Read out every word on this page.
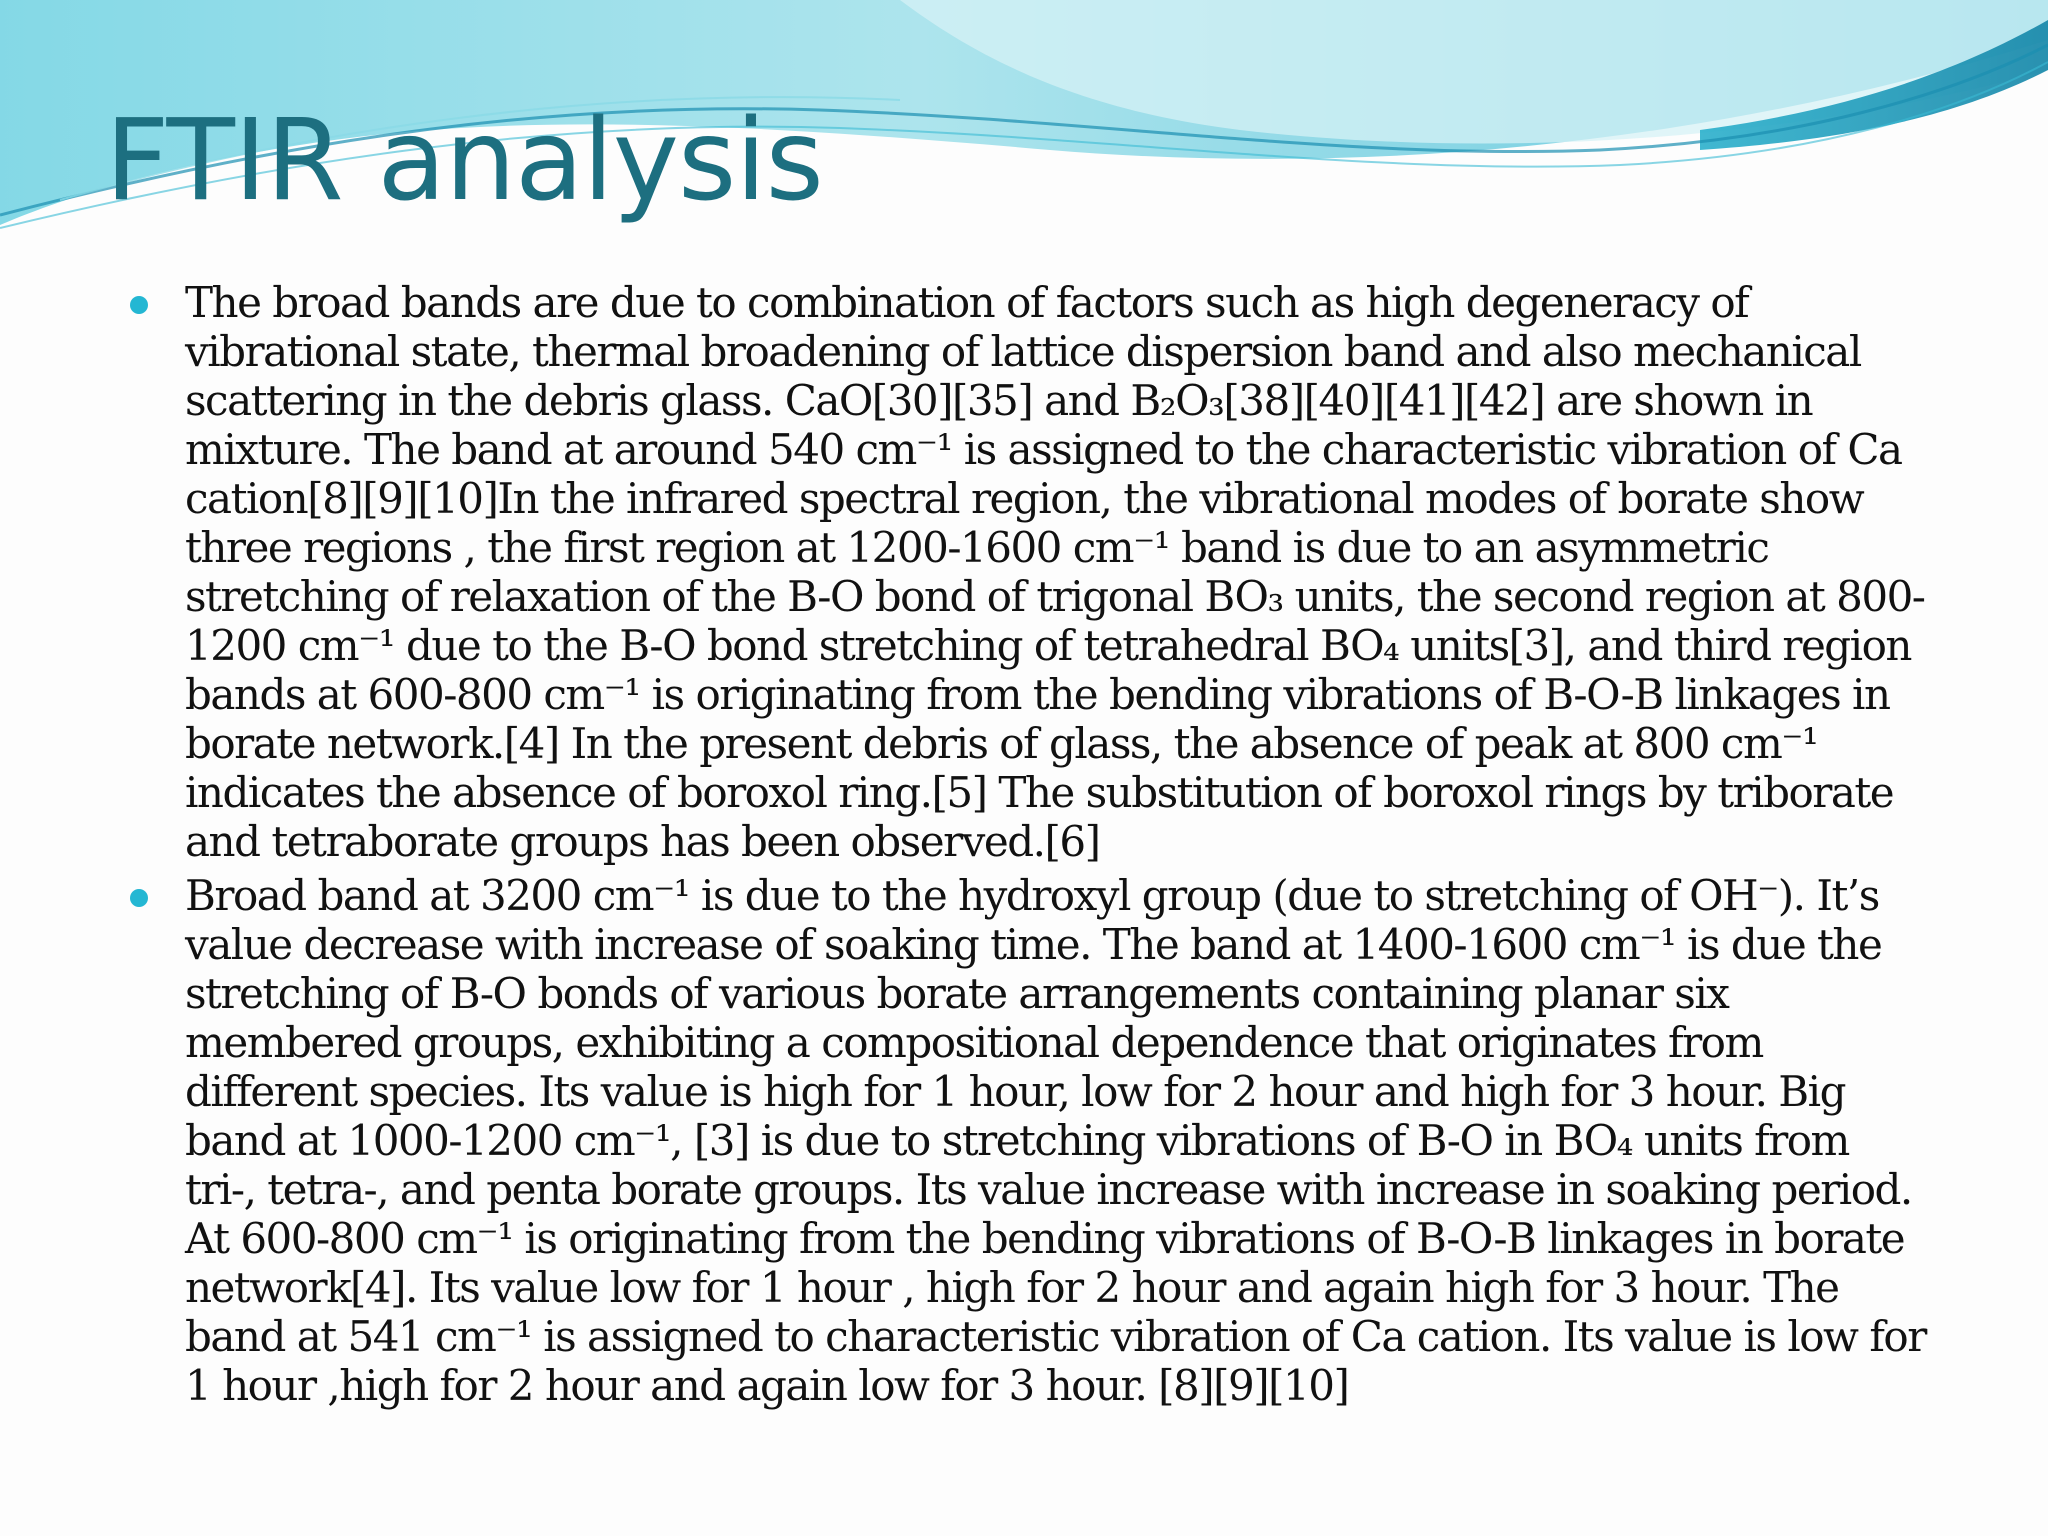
FTIR analysis

The broad bands are due to combination of factors such as high degeneracy of vibrational state, thermal broadening of lattice dispersion band and also mechanical scattering in the debris glass. CaO[30][35] and B₂O₃[38][40][41][42] are shown in mixture. The band at around 540 cm⁻¹ is assigned to the characteristic vibration of Ca cation[8][9][10]In the infrared spectral region, the vibrational modes of borate show three regions , the first region at 1200-1600 cm⁻¹ band is due to an asymmetric stretching of relaxation of the B-O bond of trigonal BO₃ units, the second region at 800-1200 cm⁻¹ due to the B-O bond stretching of tetrahedral BO₄ units[3], and third region bands at 600-800 cm⁻¹ is originating from the bending vibrations of B-O-B linkages in borate network.[4] In the present debris of glass, the absence of peak at 800 cm⁻¹ indicates the absence of boroxol ring.[5] The substitution of boroxol rings by triborate and tetraborate groups has been observed.[6]

Broad band at 3200 cm⁻¹ is due to the hydroxyl group (due to stretching of OH⁻). It’s value decrease with increase of soaking time. The band at 1400-1600 cm⁻¹ is due the stretching of B-O bonds of various borate arrangements containing planar six membered groups, exhibiting a compositional dependence that originates from different species. Its value is high for 1 hour, low for 2 hour and high for 3 hour. Big band at 1000-1200 cm⁻¹, [3] is due to stretching vibrations of B-O in BO₄ units from tri-, tetra-, and penta borate groups. Its value increase with increase in soaking period. At 600-800 cm⁻¹ is originating from the bending vibrations of B-O-B linkages in borate network[4]. Its value low for 1 hour , high for 2 hour and again high for 3 hour. The band at 541 cm⁻¹ is assigned to characteristic vibration of Ca cation. Its value is low for 1 hour ,high for 2 hour and again low for 3 hour. [8][9][10]
